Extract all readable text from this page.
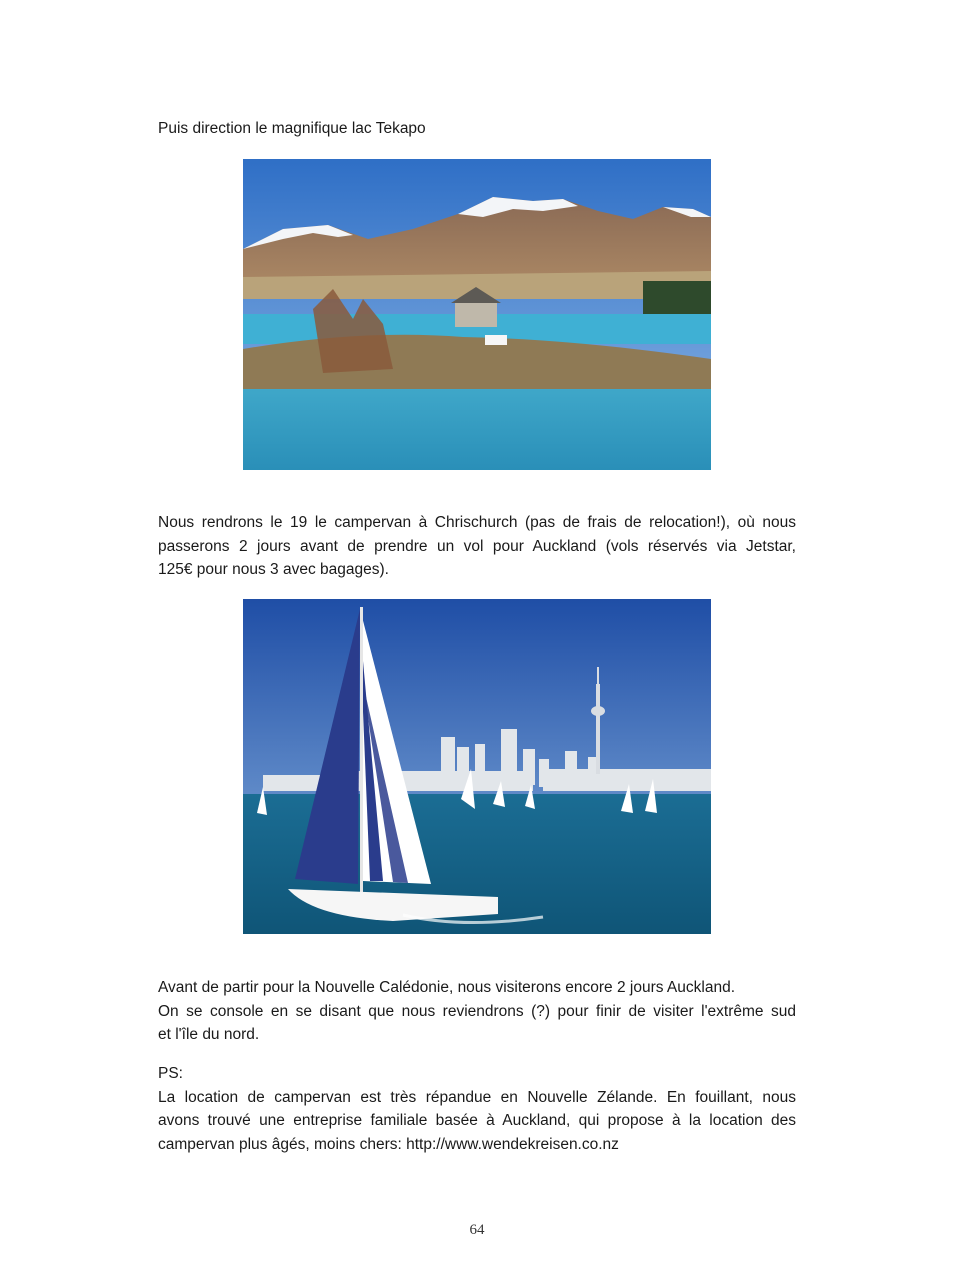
Puis direction le magnifique lac Tekapo

Nous rendrons le 19 le campervan à Chrischurch (pas de frais de relocation!), où nous
passerons 2 jours avant de prendre un vol pour Auckland (vols réservés via Jetstar,
125€ pour nous 3 avec bagages).

Avant de partir pour la Nouvelle Calédonie, nous visiterons encore 2 jours Auckland.
On se console en se disant que nous reviendrons (?) pour finir de visiter l'extrême sud
et l'île du nord.

PS:
La location de campervan est très répandue en Nouvelle Zélande. En fouillant, nous
avons trouvé une entreprise familiale basée à Auckland, qui propose à la location des
campervan plus âgés, moins chers: http://www.wendekreisen.co.nz

64
